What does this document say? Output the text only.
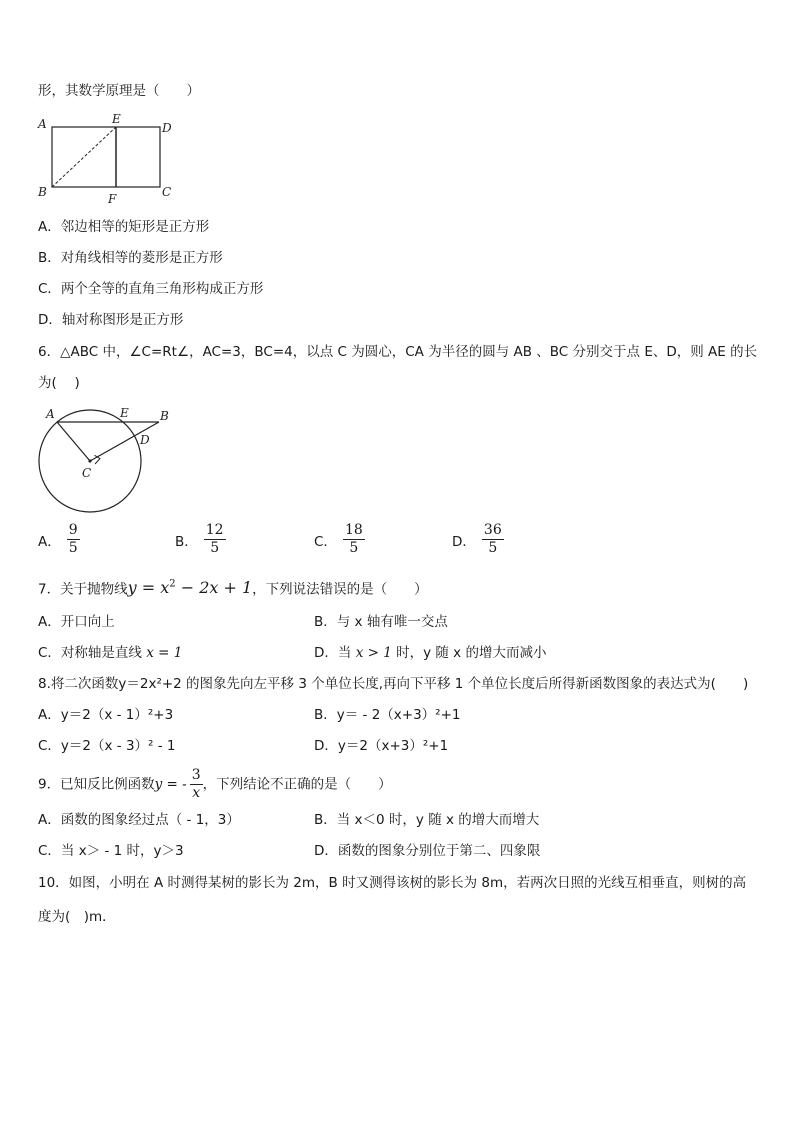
形，其数学原理是（　　）
A	E
D
B	F	C
A．邻边相等的矩形是正方形
B．对角线相等的菱形是正方形
C．两个全等的直角三角形构成正方形
D．轴对称图形是正方形
6．△ABC 中，∠C=Rt∠，AC=3，BC=4，以点 C 为圆心，CA 为半径的圆与 AB 、BC 分别交于点 E、D，则 AE 的长
为(　 )
A	E	B
D
C
A． $\frac{9}{5}$	B． $\frac{12}{5}$	C． $\frac{18}{5}$	D． $\frac{36}{5}$
7．关于抛物线$y = x^2 - 2x + 1$，下列说法错误的是（　　）
A．开口向上	B．与 x 轴有唯一交点
C．对称轴是直线 x = 1	D．当 x > 1 时，y 随 x 的增大而减小
8.将二次函数y＝2x²+2 的图象先向左平移 3 个单位长度,再向下平移 1 个单位长度后所得新函数图象的表达式为(　　)
A．y＝2（x - 1）²+3	B．y＝ - 2（x+3）²+1
C．y＝2（x - 3）² - 1	D．y＝2（x+3）²+1
9．已知反比例函数y = - $\frac{3}{x}$ ，下列结论不正确的是（　　）
A．函数的图象经过点（ - 1，3）	B．当 x＜0 时，y 随 x 的增大而增大
C．当 x＞ - 1 时，y＞3	D．函数的图象分别位于第二、四象限
10．如图，小明在 A 时测得某树的影长为 2m，B 时又测得该树的影长为 8m，若两次日照的光线互相垂直，则树的高
度为(　)m．
